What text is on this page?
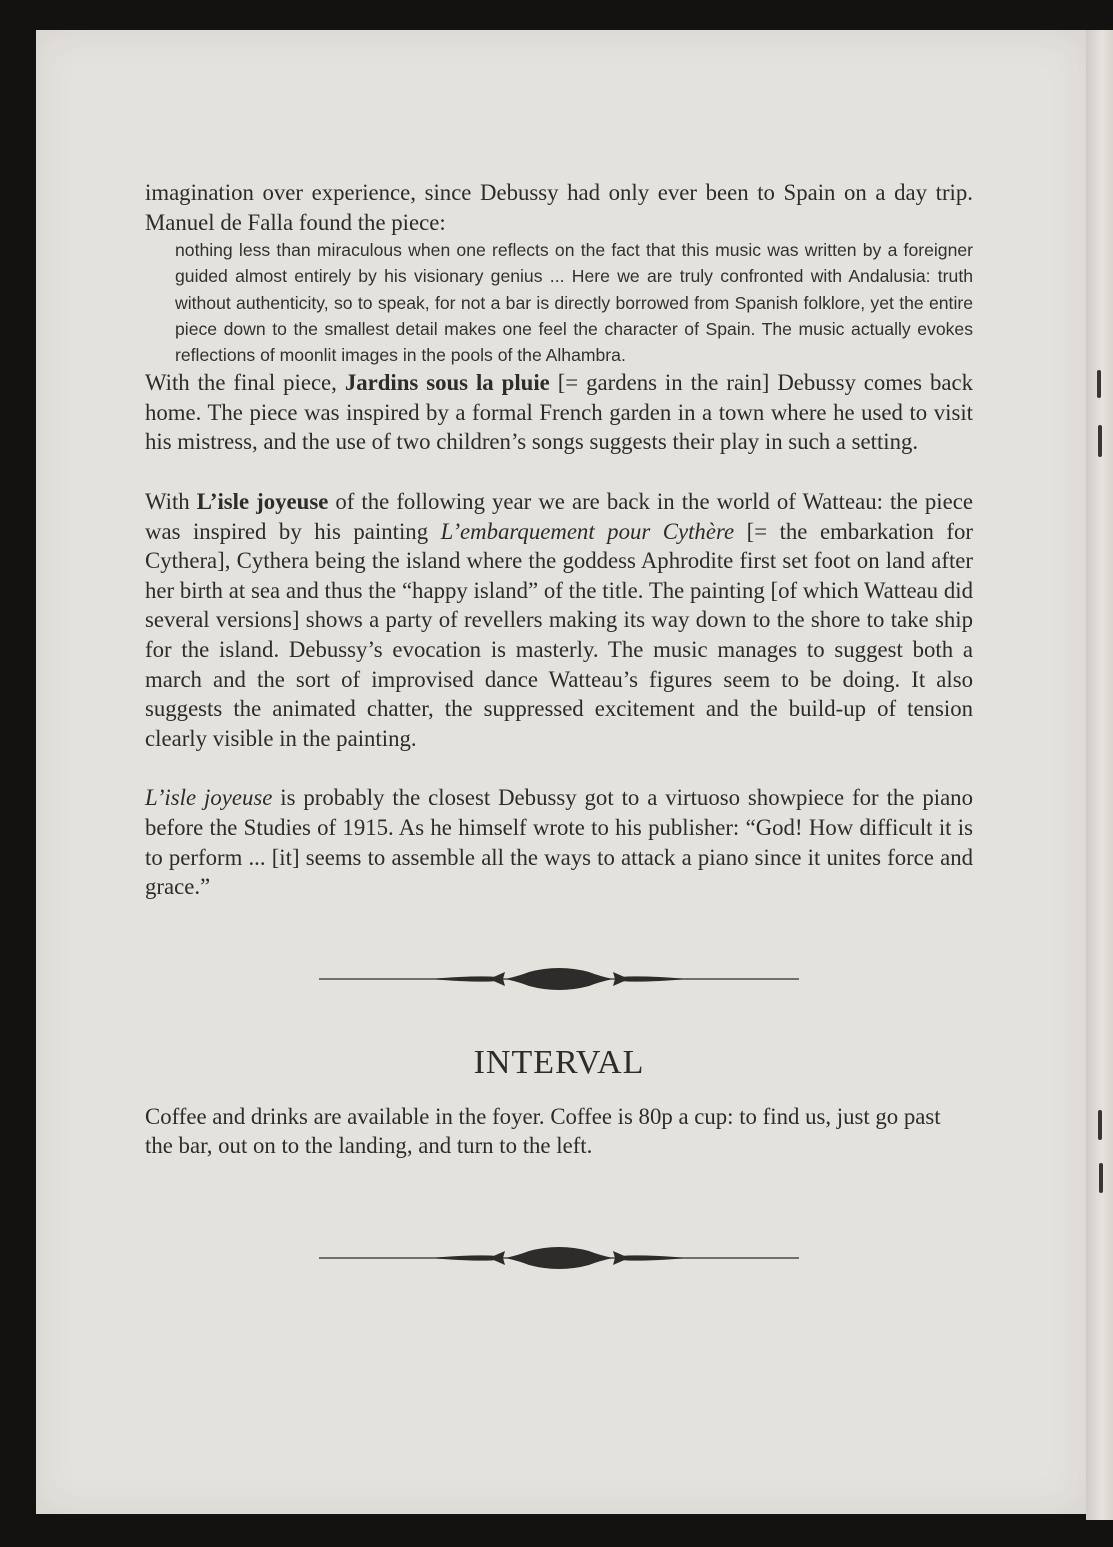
imagination over experience, since Debussy had only ever been to Spain on a day trip. Manuel de Falla found the piece:

nothing less than miraculous when one reflects on the fact that this music was written by a foreigner guided almost entirely by his visionary genius ... Here we are truly confronted with Andalusia: truth without authenticity, so to speak, for not a bar is directly borrowed from Spanish folklore, yet the entire piece down to the smallest detail makes one feel the character of Spain. The music actually evokes reflections of moonlit images in the pools of the Alhambra.

With the final piece, Jardins sous la pluie [= gardens in the rain] Debussy comes back home. The piece was inspired by a formal French garden in a town where he used to visit his mistress, and the use of two children’s songs suggests their play in such a setting.

With L’isle joyeuse of the following year we are back in the world of Watteau: the piece was inspired by his painting L’embarquement pour Cythère [= the embarkation for Cythera], Cythera being the island where the goddess Aphrodite first set foot on land after her birth at sea and thus the “happy island” of the title. The painting [of which Watteau did several versions] shows a party of revellers making its way down to the shore to take ship for the island. Debussy’s evocation is masterly. The music manages to suggest both a march and the sort of improvised dance Watteau’s figures seem to be doing. It also suggests the animated chatter, the suppressed excitement and the build-up of tension clearly visible in the painting.

L’isle joyeuse is probably the closest Debussy got to a virtuoso showpiece for the piano before the Studies of 1915. As he himself wrote to his publisher: “God! How difficult it is to perform ... [it] seems to assemble all the ways to attack a piano since it unites force and grace.”

INTERVAL

Coffee and drinks are available in the foyer. Coffee is 80p a cup: to find us, just go past the bar, out on to the landing, and turn to the left.
